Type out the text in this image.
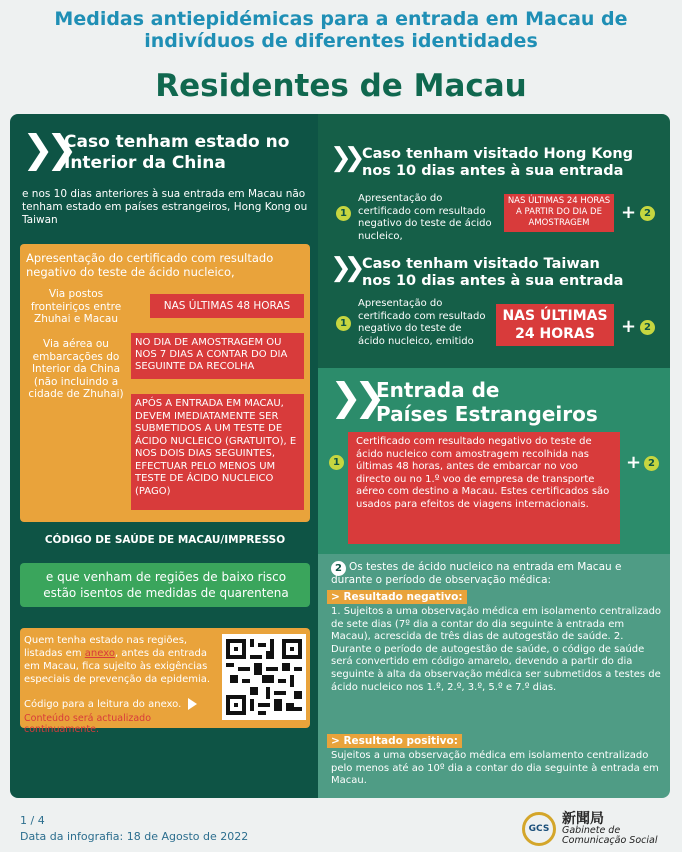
Medidas antiepidémicas para a entrada em Macau de
indivíduos de diferentes identidades
Residentes de Macau
❯❯
Caso tenham estado no
Interior da China
e nos 10 dias anteriores à sua entrada em Macau não tenham estado em países estrangeiros, Hong Kong ou Taiwan
Apresentação do certificado com resultado negativo do teste de ácido nucleico,
Via postos fronteiriços entre Zhuhai e Macau
NAS ÚLTIMAS 48 HORAS
Via aérea ou embarcações do Interior da China (não incluindo a cidade de Zhuhai)
NO DIA DE AMOSTRAGEM OU NOS 7 DIAS A CONTAR DO DIA SEGUINTE DA RECOLHA
APÓS A ENTRADA EM MACAU, DEVEM IMEDIATAMENTE SER SUBMETIDOS A UM TESTE DE ÁCIDO NUCLEICO (GRATUITO), E NOS DOIS DIAS SEGUINTES, EFECTUAR PELO MENOS UM TESTE DE ÁCIDO NUCLEICO (PAGO)
CÓDIGO DE SAÚDE DE MACAU/IMPRESSO
e que venham de regiões de baixo risco estão isentos de medidas de quarentena
Quem tenha estado nas regiões, listadas em anexo, antes da entrada em Macau, fica sujeito às exigências especiais de prevenção da epidemia.
Código para a leitura do anexo.
Conteúdo será actualizado continuamente.
❯❯ Caso tenham visitado Hong Kong
nos 10 dias antes à sua entrada
1
Apresentação do certificado com resultado negativo do teste de ácido nucleico,
NAS ÚLTIMAS 24 HORAS A PARTIR DO DIA DE AMOSTRAGEM	+ 2
❯❯ Caso tenham visitado Taiwan
nos 10 dias antes à sua entrada
1
Apresentação do certificado com resultado negativo do teste de ácido nucleico, emitido
NAS ÚLTIMAS
24 HORAS	+ 2
❯❯
Entrada de
Países Estrangeiros
1
Certificado com resultado negativo do teste de ácido nucleico com amostragem recolhida nas últimas 48 horas, antes de embarcar no voo directo ou no 1.º voo de empresa de transporte aéreo com destino a Macau. Estes certificados são usados para efeitos de viagens internacionais.
+ 2
2 Os testes de ácido nucleico na entrada em Macau e durante o período de observação médica:
> Resultado negativo:
1. Sujeitos a uma observação médica em isolamento centralizado de sete dias (7º dia a contar do dia seguinte à entrada em Macau), acrescida de três dias de autogestão de saúde. 2. Durante o período de autogestão de saúde, o código de saúde será convertido em código amarelo, devendo a partir do dia seguinte à alta da observação médica ser submetidos a testes de ácido nucleico nos 1.º, 2.º, 3.º, 5.º e 7.º dias.
> Resultado positivo:
Sujeitos a uma observação médica em isolamento centralizado pelo menos até ao 10º dia a contar do dia seguinte à entrada em Macau.
1 / 4
Data da infografia: 18 de Agosto de 2022
GCS
新聞局
Gabinete de
Comunicação Social
